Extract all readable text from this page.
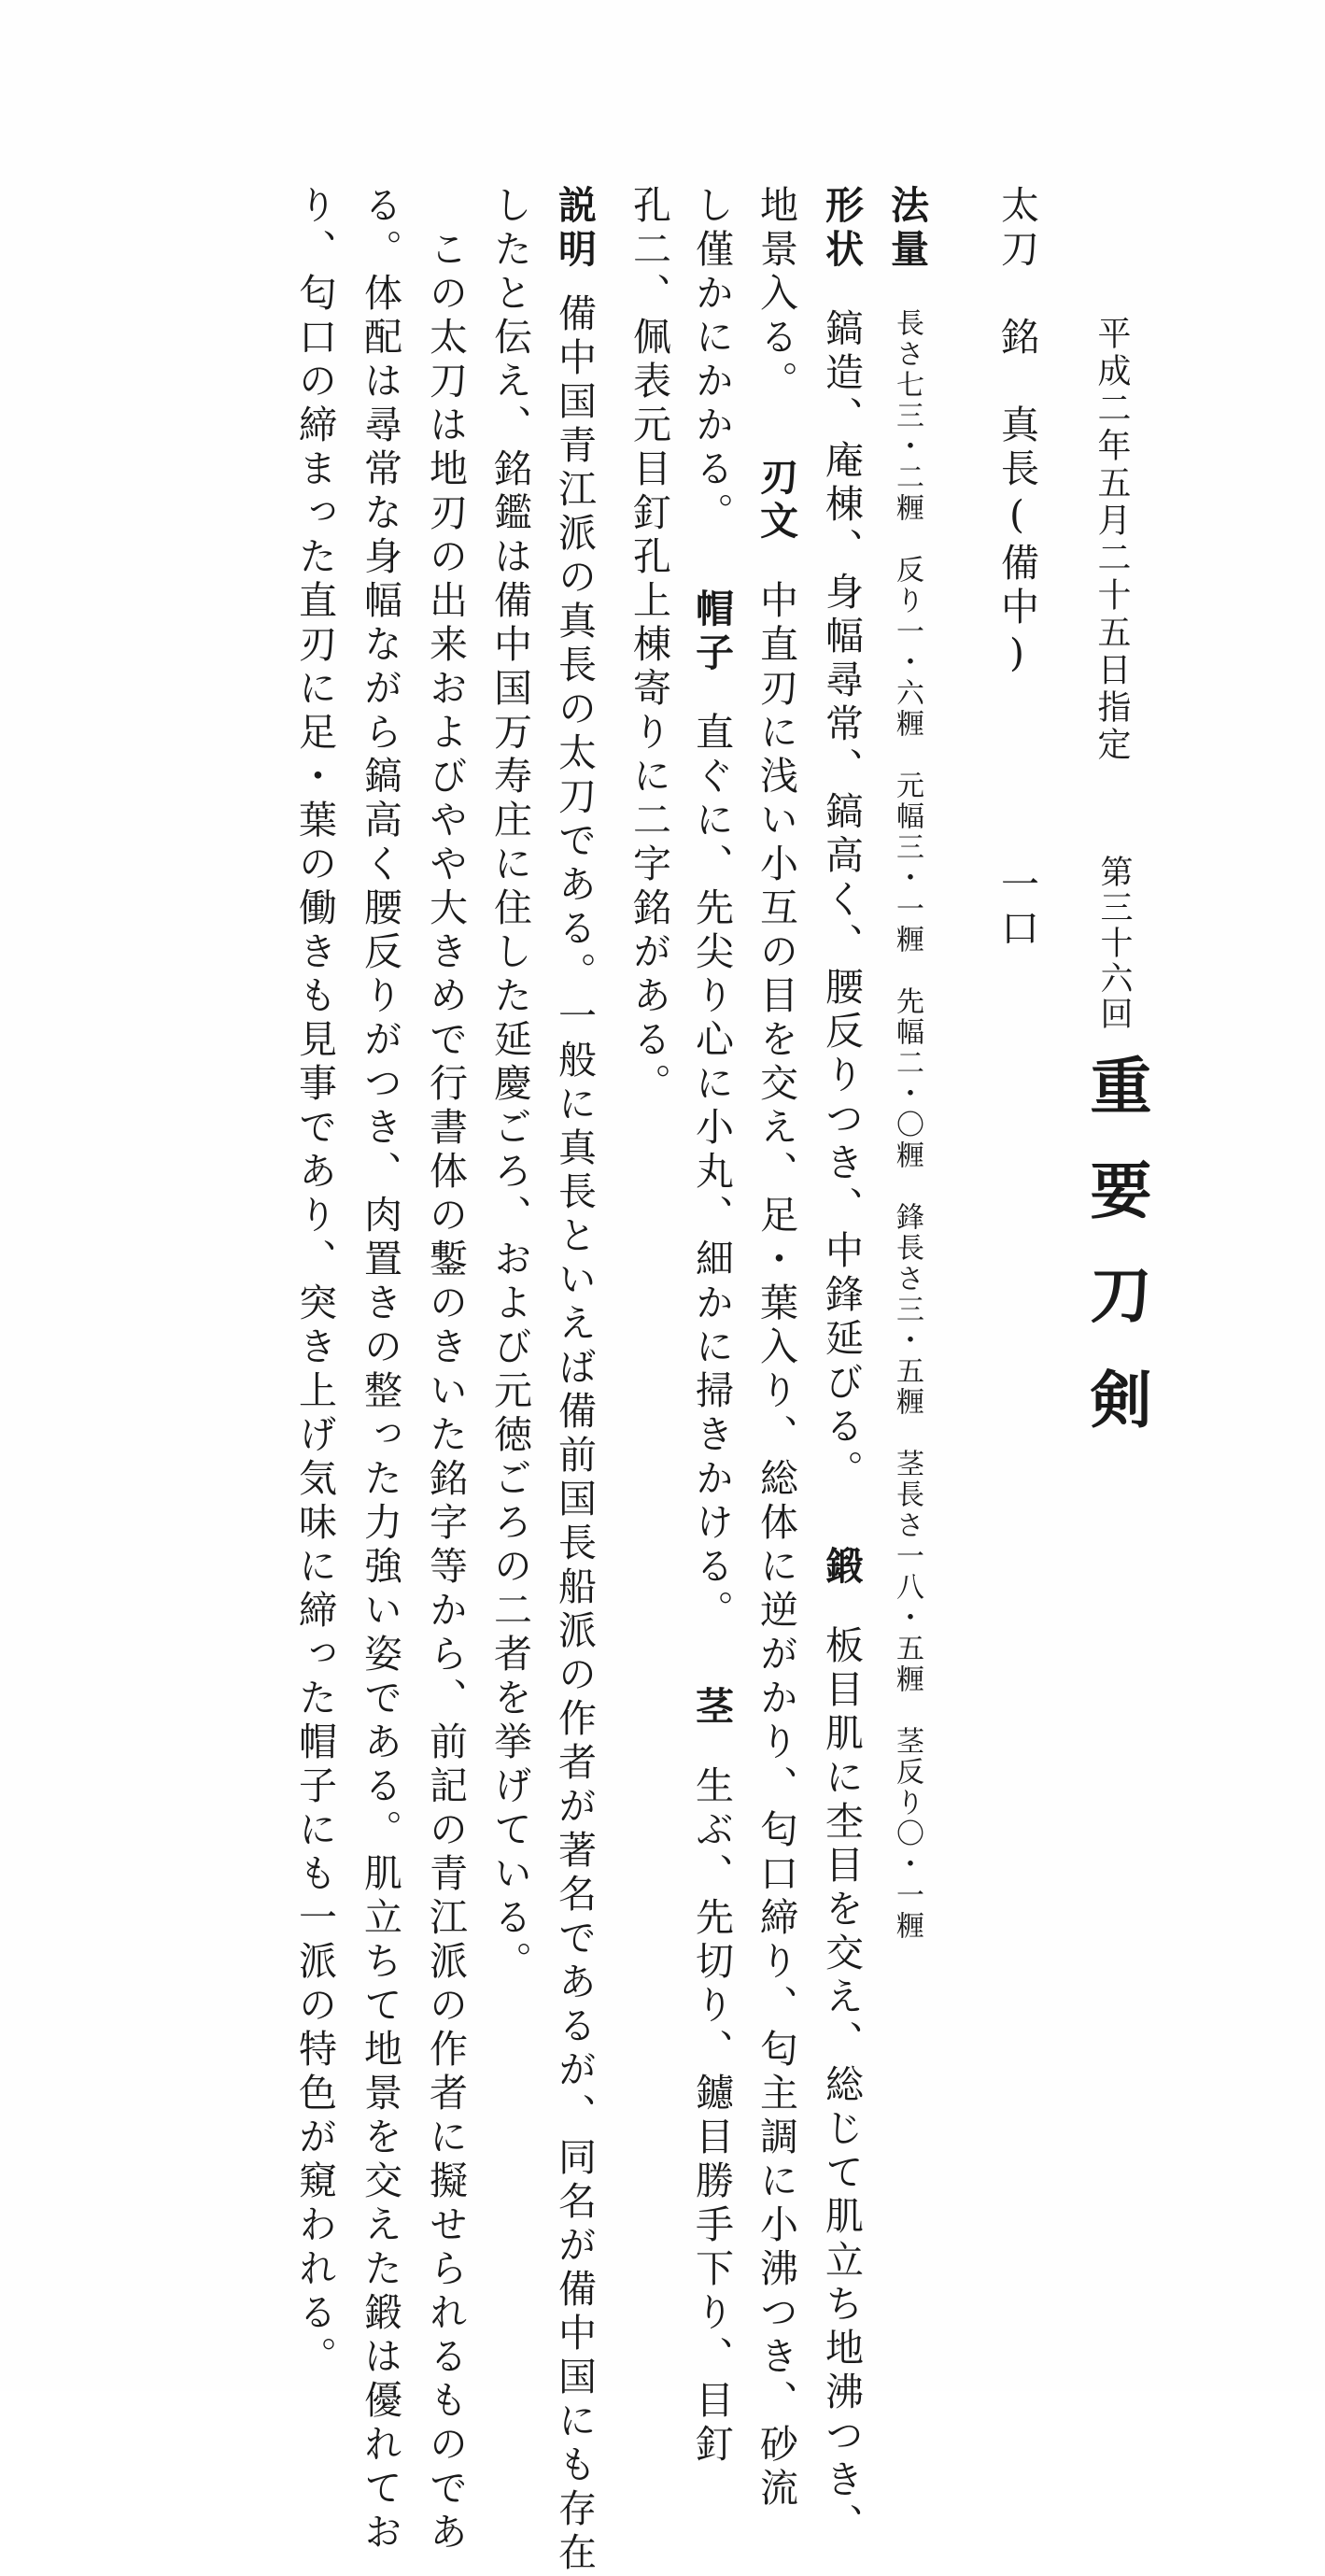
重要刀剣
第三十六回
平成二年五月二十五日指定
太刀　銘　真長(備中)
一口
法量長さ七三・二糎　反り一・六糎　元幅三・一糎　先幅二・〇糎　鋒長さ三・五糎　茎長さ一八・五糎　茎反り〇・一糎
形状鎬造、庵棟、身幅尋常、鎬高く、腰反りつき、中鋒延びる。鍛板目肌に杢目を交え、総じて肌立ち地沸つき、
地景入る。刃文中直刃に浅い小互の目を交え、足・葉入り、総体に逆がかり、匂口締り、匂主調に小沸つき、砂流
し僅かにかかる。帽子直ぐに、先尖り心に小丸、細かに掃きかける。茎生ぶ、先切り、鑢目勝手下り、目釘
孔二、佩表元目釘孔上棟寄りに二字銘がある。
説明備中国青江派の真長の太刀である。一般に真長といえば備前国長船派の作者が著名であるが、同名が備中国にも存在
したと伝え、銘鑑は備中国万寿庄に住した延慶ごろ、および元徳ごろの二者を挙げている。
　この太刀は地刃の出来およびやや大きめで行書体の鏨のきいた銘字等から、前記の青江派の作者に擬せられるものであ
る。体配は尋常な身幅ながら鎬高く腰反りがつき、肉置きの整った力強い姿である。肌立ちて地景を交えた鍛は優れてお
り、匂口の締まった直刃に足・葉の働きも見事であり、突き上げ気味に締った帽子にも一派の特色が窺われる。
